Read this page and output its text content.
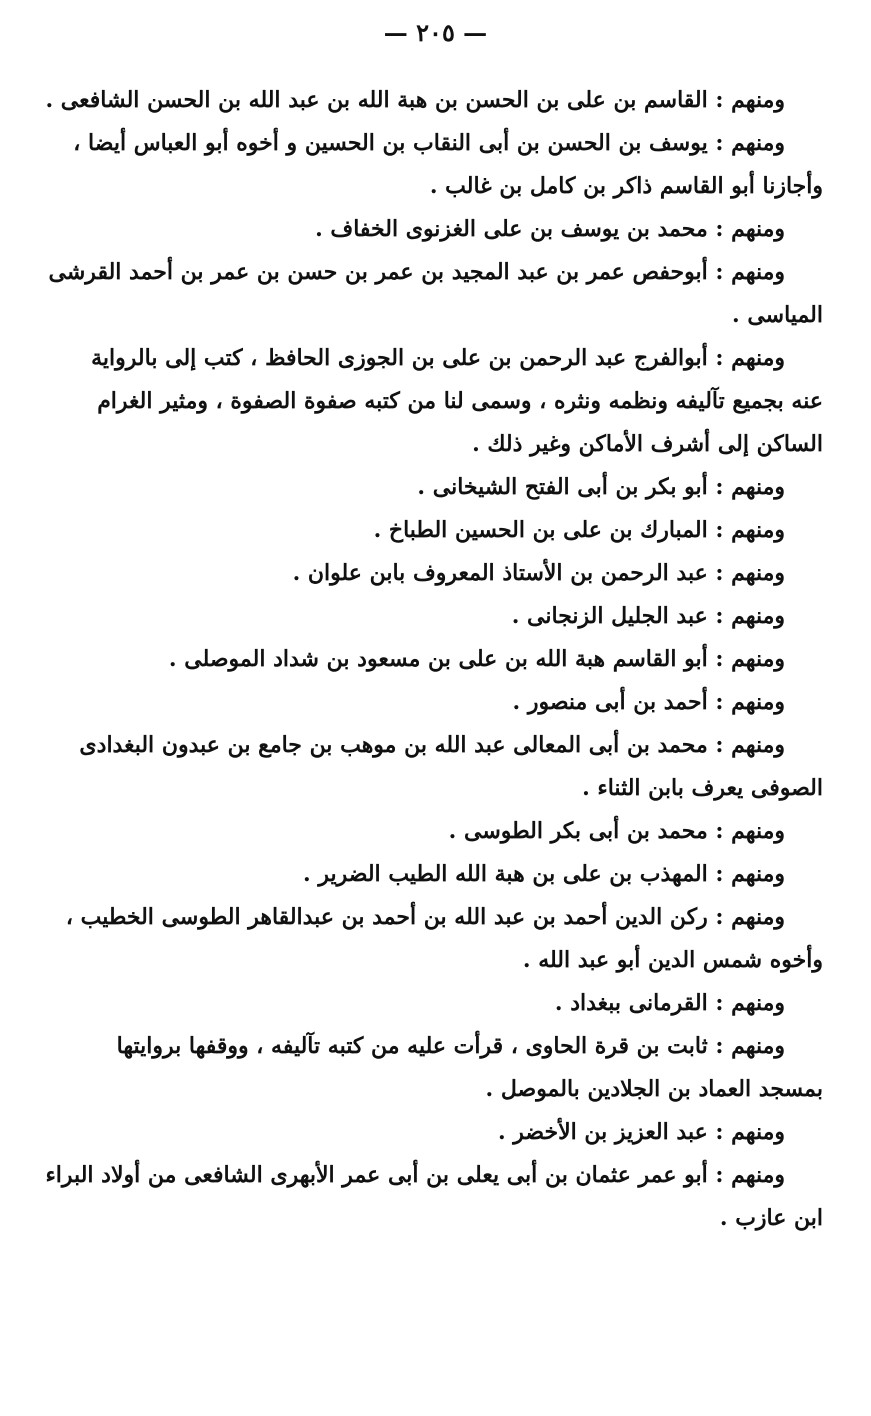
— ٢٠٥ —

ومنهم : القاسم بن على بن الحسن بن هبة الله بن عبد الله بن الحسن الشافعى .

ومنهم : يوسف بن الحسن بن أبى النقاب بن الحسين و أخوه أبو العباس أيضا ،
وأجازنا أبو القاسم ذاكر بن كامل بن غالب .

ومنهم : محمد بن يوسف بن على الغزنوى الخفاف .

ومنهم : أبوحفص عمر بن عبد المجيد بن عمر بن حسن بن عمر بن أحمد القرشى
المياسى .

ومنهم : أبوالفرج عبد الرحمن بن على بن الجوزى الحافظ ، كتب إلى بالرواية
عنه بجميع تآليفه ونظمه ونثره ، وسمى لنا من كتبه صفوة الصفوة ، ومثير الغرام
الساكن إلى أشرف الأماكن وغير ذلك .

ومنهم : أبو بكر بن أبى الفتح الشيخانى .

ومنهم : المبارك بن على بن الحسين الطباخ .

ومنهم : عبد الرحمن بن الأستاذ المعروف بابن علوان .

ومنهم : عبد الجليل الزنجانى .

ومنهم : أبو القاسم هبة الله بن على بن مسعود بن شداد الموصلى .

ومنهم : أحمد بن أبى منصور .

ومنهم : محمد بن أبى المعالى عبد الله بن موهب بن جامع بن عبدون البغدادى
الصوفى يعرف بابن الثناء .

ومنهم : محمد بن أبى بكر الطوسى .

ومنهم : المهذب بن على بن هبة الله الطيب الضرير .

ومنهم : ركن الدين أحمد بن عبد الله بن أحمد بن عبدالقاهر الطوسى الخطيب ،
وأخوه شمس الدين أبو عبد الله .

ومنهم : القرمانى ببغداد .

ومنهم : ثابت بن قرة الحاوى ، قرأت عليه من كتبه تآليفه ، ووقفها بروايتها
بمسجد العماد بن الجلادين بالموصل .

ومنهم : عبد العزيز بن الأخضر .

ومنهم : أبو عمر عثمان بن أبى يعلى بن أبى عمر الأبهرى الشافعى من أولاد البراء
ابن عازب .
